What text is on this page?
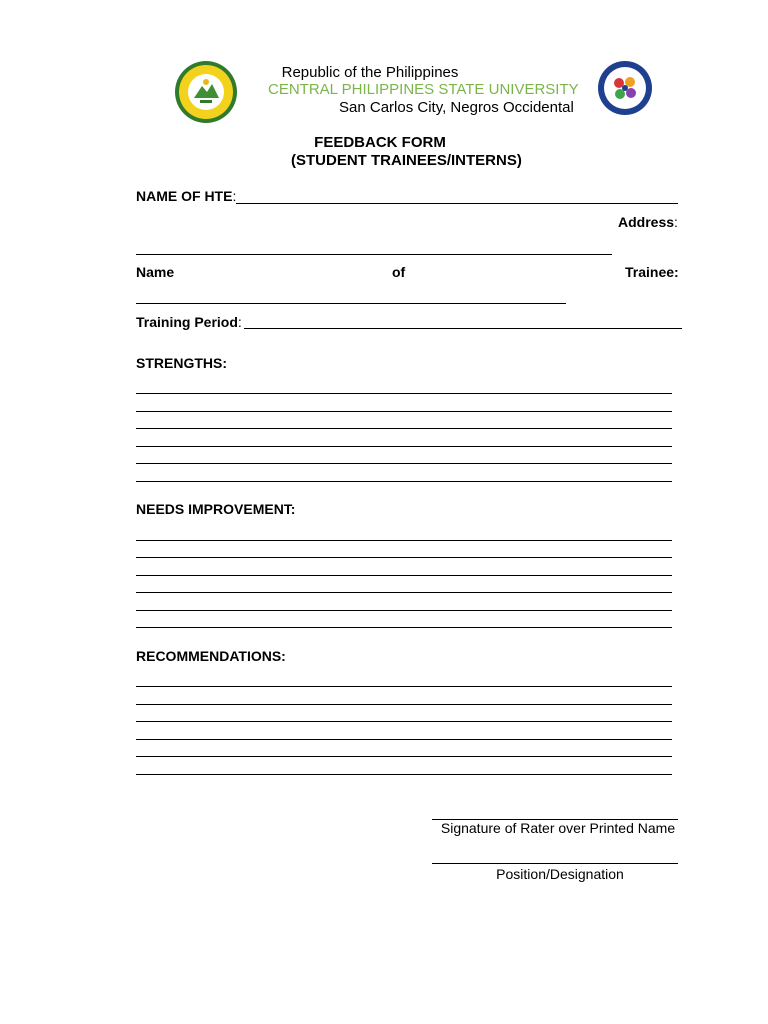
Republic of the Philippines
CENTRAL PHILIPPINES STATE UNIVERSITY
San Carlos City, Negros Occidental
FEEDBACK FORM
(STUDENT TRAINEES/INTERNS)
NAME OF HTE:
Address:
Name	of	Trainee:
Training Period:
STRENGTHS:
NEEDS IMPROVEMENT:
RECOMMENDATIONS:
Signature of Rater over Printed Name
Position/Designation
